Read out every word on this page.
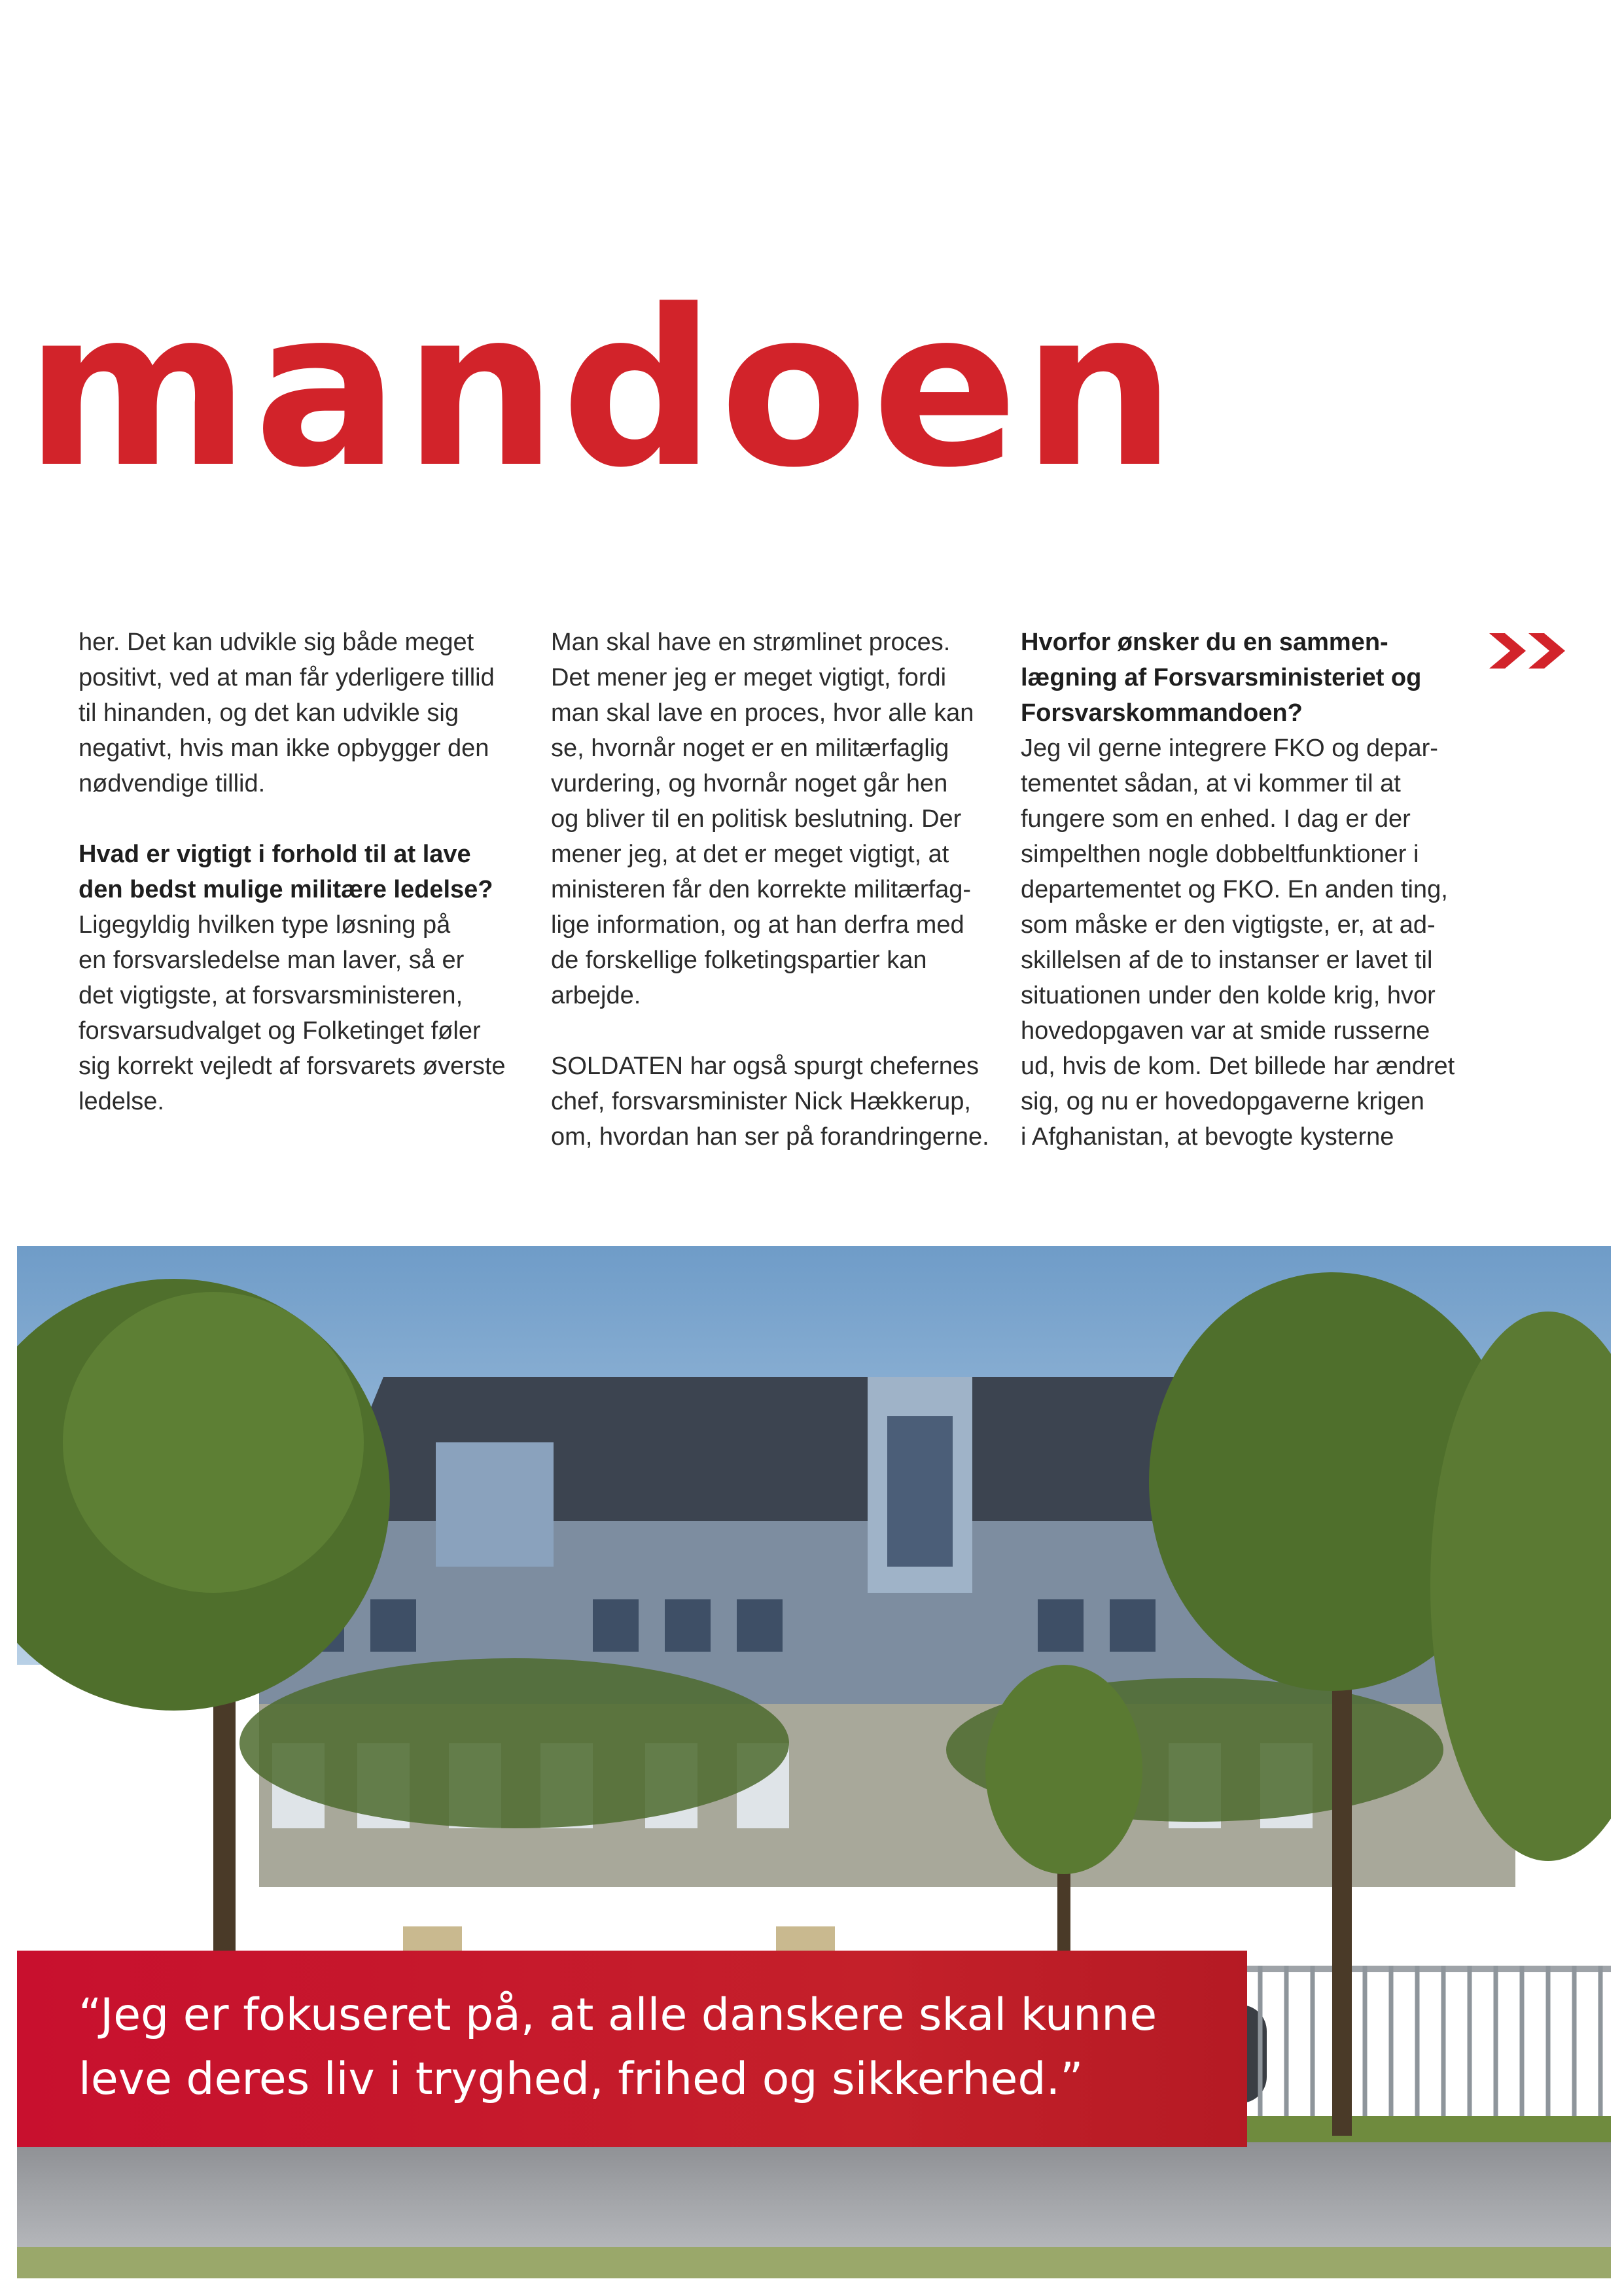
mandoen

her. Det kan udvikle sig både meget

positivt, ved at man får yderligere tillid

til hinanden, og det kan udvikle sig

negativt, hvis man ikke opbygger den

nødvendige tillid.

Hvad er vigtigt i forhold til at lave

den bedst mulige militære ledelse?

Ligegyldig hvilken type løsning på

en forsvarsledelse man laver, så er

det vigtigste, at forsvarsministeren,

forsvarsudvalget og Folketinget føler

sig korrekt vejledt af forsvarets øverste

ledelse.

Man skal have en strømlinet proces.

Det mener jeg er meget vigtigt, fordi

man skal lave en proces, hvor alle kan

se, hvornår noget er en militærfaglig

vurdering, og hvornår noget går hen

og bliver til en politisk beslutning. Der

mener jeg, at det er meget vigtigt, at

ministeren får den korrekte militærfag-

lige information, og at han derfra med

de forskellige folketingspartier kan

arbejde.

SOLDATEN har også spurgt chefernes

chef, forsvarsminister Nick Hækkerup,

om, hvordan han ser på forandringerne.

Hvorfor ønsker du en sammen-

lægning af Forsvarsministeriet og

Forsvarskommandoen?

Jeg vil gerne integrere FKO og depar-

tementet sådan, at vi kommer til at

fungere som en enhed. I dag er der

simpelthen nogle dobbeltfunktioner i

departementet og FKO. En anden ting,

som måske er den vigtigste, er, at ad-

skillelsen af de to instanser er lavet til

situationen under den kolde krig, hvor

hovedopgaven var at smide russerne

ud, hvis de kom. Det billede har ændret

sig, og nu er hovedopgaverne krigen

i Afghanistan, at bevogte kysterne

“Jeg er fokuseret på, at alle danskere skal kunne
leve deres liv i tryghed, frihed og sikkerhed.”
